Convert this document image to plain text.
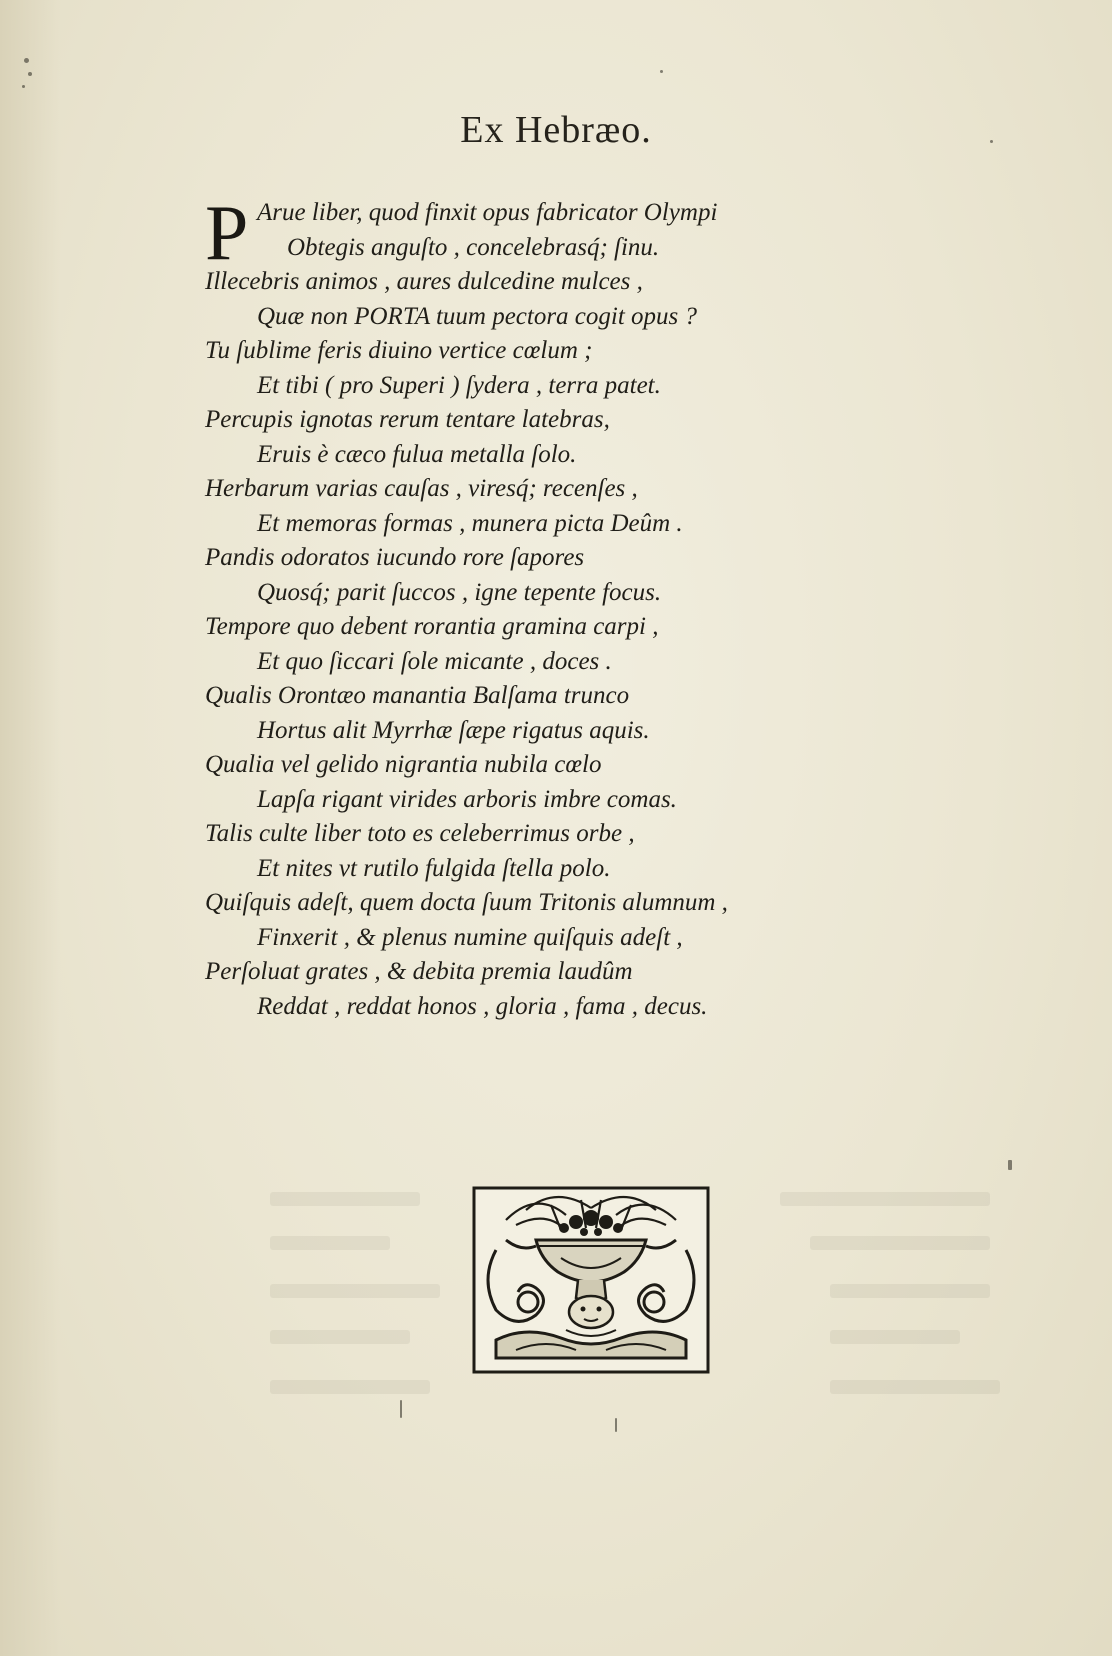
Ex Hebræo.
P Arue liber, quod finxit opus fabricator Olympi
Obtegis anguſto , concelebrasq́; ſinu.
Illecebris animos , aures dulcedine mulces ,
Quæ non PORTA tuum pectora cogit opus ?
Tu ſublime feris diuino vertice cœlum ;
Et tibi ( pro Superi ) ſydera , terra patet.
Percupis ignotas rerum tentare latebras,
Eruis è cæco fulua metalla ſolo.
Herbarum varias cauſas , viresq́; recenſes ,
Et memoras formas , munera picta Deûm .
Pandis odoratos iucundo rore ſapores
Quosq́; parit ſuccos , igne tepente focus.
Tempore quo debent rorantia gramina carpi ,
Et quo ſiccari ſole micante , doces .
Qualis Orontæo manantia Balſama trunco
Hortus alit Myrrhæ ſæpe rigatus aquis.
Qualia vel gelido nigrantia nubila cœlo
Lapſa rigant virides arboris imbre comas.
Talis culte liber toto es celeberrimus orbe ,
Et nites vt rutilo fulgida ſtella polo.
Quiſquis adeſt, quem docta ſuum Tritonis alumnum ,
Finxerit , & plenus numine quiſquis adeſt ,
Perſoluat grates , & debita premia laudûm
Reddat , reddat honos , gloria , fama , decus.
